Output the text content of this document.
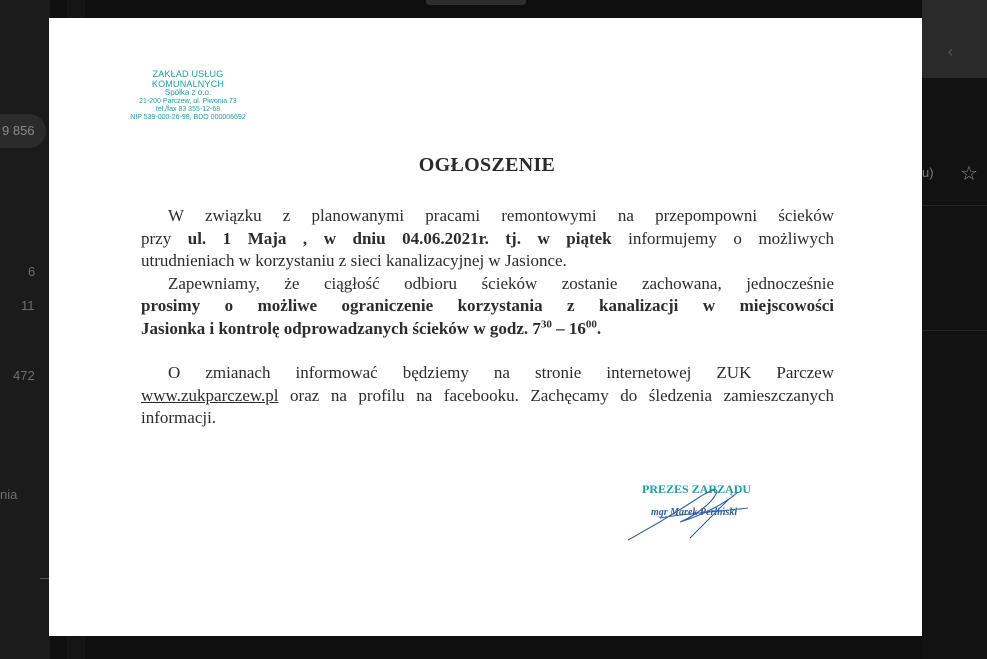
9 856
6
11
472
nia
‹
u) ☆
ZAKŁAD USŁUG KOMUNALNYCH
Spółka z o.o.
21-200 Parczew, ul. Piwonia 73
tel./fax 83 355-12-68
NIP 539-000-26-98, BDO 000006692
OGŁOSZENIE
W związku z planowanymi pracami remontowymi na przepompowni ścieków
przy ul. 1 Maja , w dniu 04.06.2021r. tj. w piątek informujemy o możliwych
utrudnieniach w korzystaniu z sieci kanalizacyjnej w Jasionce.
Zapewniamy, że ciągłość odbioru ścieków zostanie zachowana, jednocześnie
prosimy o możliwe ograniczenie korzystania z kanalizacji w miejscowości
Jasionka i kontrolę odprowadzanych ścieków w godz. $7^{30} - 16^{00}$.
O zmianach informować będziemy na stronie internetowej ZUK Parczew
www.zukparczew.pl oraz na profilu na facebooku. Zachęcamy do śledzenia zamieszczanych
informacji.
PREZES ZARZĄDU
mgr Marek Perliński
